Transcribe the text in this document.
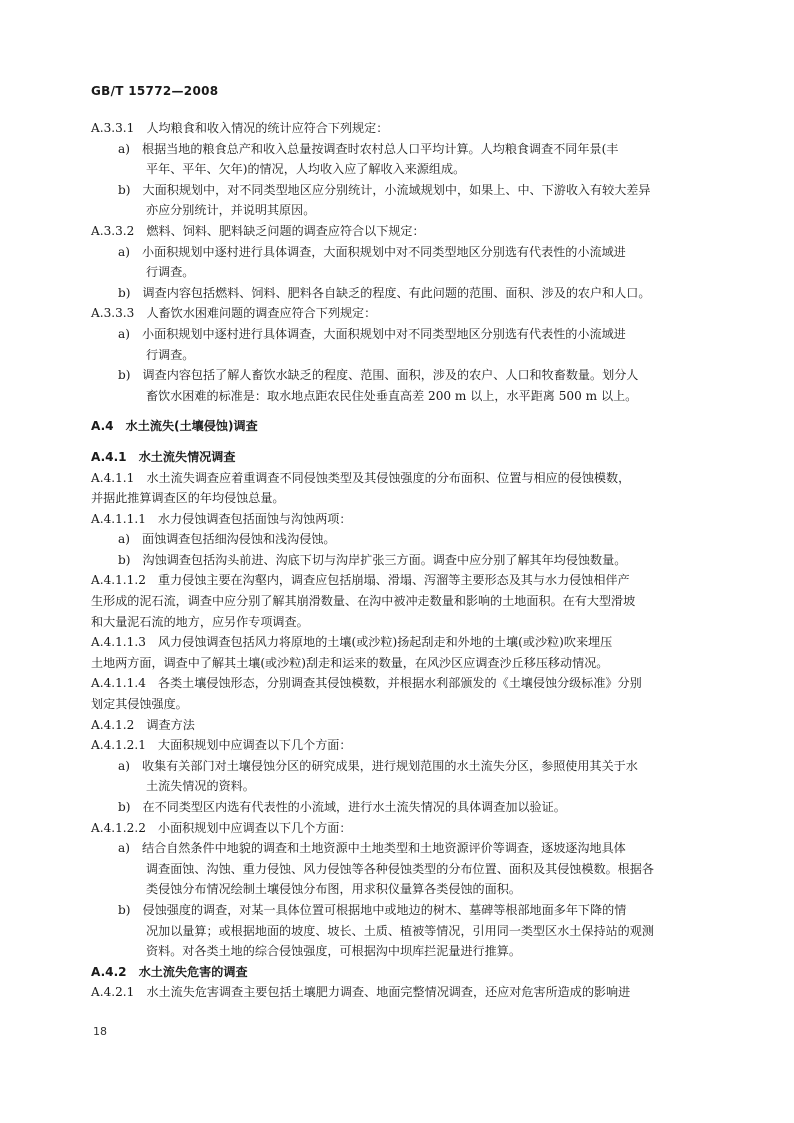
GB/T 15772—2008
A.3.3.1　人均粮食和收入情况的统计应符合下列规定：
a)　根据当地的粮食总产和收入总量按调查时农村总人口平均计算。人均粮食调查不同年景(丰
平年、平年、欠年)的情况，人均收入应了解收入来源组成。
b)　大面积规划中，对不同类型地区应分别统计，小流域规划中，如果上、中、下游收入有较大差异
亦应分别统计，并说明其原因。
A.3.3.2　燃料、饲料、肥料缺乏问题的调查应符合以下规定：
a)　小面积规划中逐村进行具体调查，大面积规划中对不同类型地区分别选有代表性的小流域进
行调查。
b)　调查内容包括燃料、饲料、肥料各自缺乏的程度、有此问题的范围、面积、涉及的农户和人口。
A.3.3.3　人畜饮水困难问题的调查应符合下列规定：
a)　小面积规划中逐村进行具体调查，大面积规划中对不同类型地区分别选有代表性的小流域进
行调查。
b)　调查内容包括了解人畜饮水缺乏的程度、范围、面积，涉及的农户、人口和牧畜数量。划分人
畜饮水困难的标准是：取水地点距农民住处垂直高差 200 m 以上，水平距离 500 m 以上。
A.4　水土流失(土壤侵蚀)调查
A.4.1　水土流失情况调查
A.4.1.1　水土流失调查应着重调查不同侵蚀类型及其侵蚀强度的分布面积、位置与相应的侵蚀模数，
并据此推算调查区的年均侵蚀总量。
A.4.1.1.1　水力侵蚀调查包括面蚀与沟蚀两项：
a)　面蚀调查包括细沟侵蚀和浅沟侵蚀。
b)　沟蚀调查包括沟头前进、沟底下切与沟岸扩张三方面。调查中应分别了解其年均侵蚀数量。
A.4.1.1.2　重力侵蚀主要在沟壑内，调查应包括崩塌、滑塌、泻溜等主要形态及其与水力侵蚀相伴产
生形成的泥石流，调查中应分别了解其崩滑数量、在沟中被冲走数量和影响的土地面积。在有大型滑坡
和大量泥石流的地方，应另作专项调查。
A.4.1.1.3　风力侵蚀调查包括风力将原地的土壤(或沙粒)扬起刮走和外地的土壤(或沙粒)吹来埋压
土地两方面，调查中了解其土壤(或沙粒)刮走和运来的数量，在风沙区应调查沙丘移压移动情况。
A.4.1.1.4　各类土壤侵蚀形态，分别调查其侵蚀模数，并根据水利部颁发的《土壤侵蚀分级标准》分别
划定其侵蚀强度。
A.4.1.2　调查方法
A.4.1.2.1　大面积规划中应调查以下几个方面：
a)　收集有关部门对土壤侵蚀分区的研究成果，进行规划范围的水土流失分区，参照使用其关于水
土流失情况的资料。
b)　在不同类型区内选有代表性的小流域，进行水土流失情况的具体调查加以验证。
A.4.1.2.2　小面积规划中应调查以下几个方面：
a)　结合自然条件中地貌的调查和土地资源中土地类型和土地资源评价等调查，逐坡逐沟地具体
调查面蚀、沟蚀、重力侵蚀、风力侵蚀等各种侵蚀类型的分布位置、面积及其侵蚀模数。根据各
类侵蚀分布情况绘制土壤侵蚀分布图，用求积仪量算各类侵蚀的面积。
b)　侵蚀强度的调查，对某一具体位置可根据地中或地边的树木、墓碑等根部地面多年下降的情
况加以量算；或根据地面的坡度、坡长、土质、植被等情况，引用同一类型区水土保持站的观测
资料。对各类土地的综合侵蚀强度，可根据沟中坝库拦泥量进行推算。
A.4.2　水土流失危害的调查
A.4.2.1　水土流失危害调查主要包括土壤肥力调查、地面完整情况调查，还应对危害所造成的影响进
18
